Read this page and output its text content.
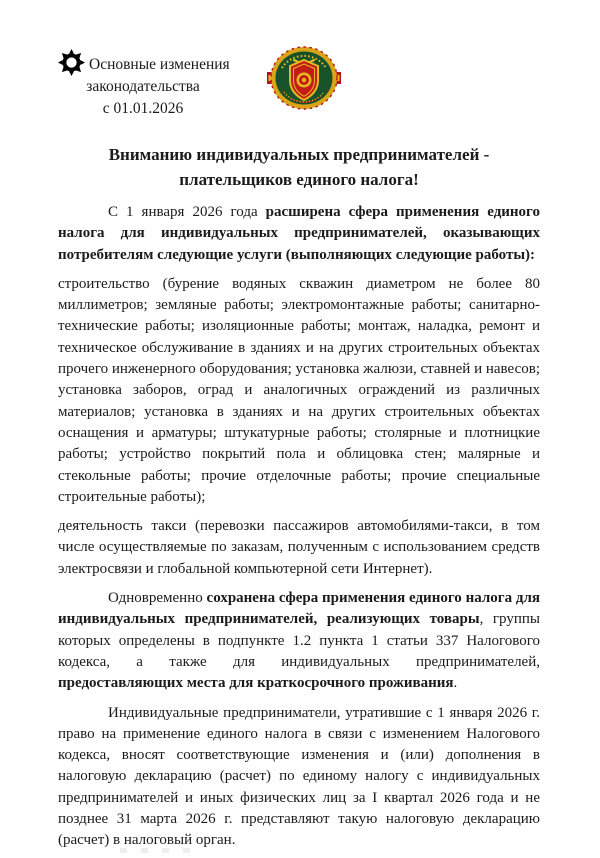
Основные изменения
законодательства
с 01.01.2026
Вниманию индивидуальных предпринимателей -
плательщиков единого налога!

С 1 января 2026 года расширена сфера применения единого налога для индивидуальных предпринимателей, оказывающих потребителям следующие услуги (выполняющих следующие работы):

строительство (бурение водяных скважин диаметром не более 80 миллиметров; земляные работы; электромонтажные работы; санитарно-технические работы; изоляционные работы; монтаж, наладка, ремонт и техническое обслуживание в зданиях и на других строительных объектах прочего инженерного оборудования; установка жалюзи, ставней и навесов; установка заборов, оград и аналогичных ограждений из различных материалов; установка в зданиях и на других строительных объектах оснащения и арматуры; штукатурные работы; столярные и плотницкие работы; устройство покрытий пола и облицовка стен; малярные и стекольные работы; прочие отделочные работы; прочие специальные строительные работы);

деятельность такси (перевозки пассажиров автомобилями-такси, в том числе осуществляемые по заказам, полученным с использованием средств электросвязи и глобальной компьютерной сети Интернет).

Одновременно сохранена сфера применения единого налога для индивидуальных предпринимателей, реализующих товары, группы которых определены в подпункте 1.2 пункта 1 статьи 337 Налогового кодекса, а также для индивидуальных предпринимателей, предоставляющих места для краткосрочного проживания.

Индивидуальные предприниматели, утратившие с 1 января 2026 г. право на применение единого налога в связи с изменением Налогового кодекса, вносят соответствующие изменения и (или) дополнения в налоговую декларацию (расчет) по единому налогу с индивидуальных предпринимателей и иных физических лиц за I квартал 2026 года и не позднее 31 марта 2026 г. представляют такую налоговую декларацию (расчет) в налоговый орган.
